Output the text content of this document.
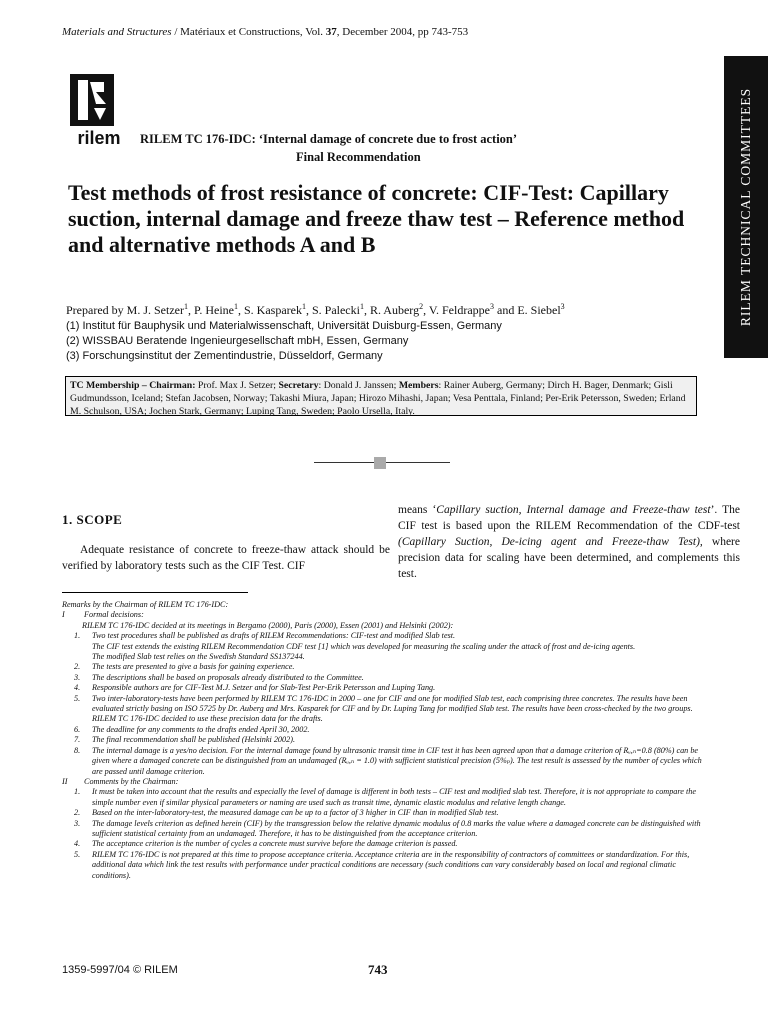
Materials and Structures / Matériaux et Constructions, Vol. 37, December 2004, pp 743-753
rilem RILEM TC 176-IDC: ‘Internal damage of concrete due to frost action’
Final Recommendation	RILEM TECHNICAL COMMITTEES
Test methods of frost resistance of concrete: CIF-Test: Capillary suction, internal damage and freeze thaw test – Reference method and alternative methods A and B
Prepared by M. J. Setzer$^1$, P. Heine$^1$, S. Kasparek$^1$, S. Palecki$^1$, R. Auberg$^2$, V. Feldrappe$^3$ and E. Siebel$^3$
(1) Institut für Bauphysik und Materialwissenschaft, Universität Duisburg-Essen, Germany
(2) WISSBAU Beratende Ingenieurgesellschaft mbH, Essen, Germany
(3) Forschungsinstitut der Zementindustrie, Düsseldorf, Germany
TC Membership – Chairman: Prof. Max J. Setzer; Secretary: Donald J. Janssen; Members: Rainer Auberg, Germany; Dirch H. Bager, Denmark; Gisli Gudmundsson, Iceland; Stefan Jacobsen, Norway; Takashi Miura, Japan; Hirozo Mihashi, Japan; Vesa Penttala, Finland; Per-Erik Petersson, Sweden; Erland M. Schulson, USA; Jochen Stark, Germany; Luping Tang, Sweden; Paolo Ursella, Italy.
1. SCOPE
Adequate resistance of concrete to freeze-thaw attack should be verified by laboratory tests such as the CIF Test. CIF
means ‘Capillary suction, Internal damage and Freeze-thaw test’. The CIF test is based upon the RILEM Recommendation of the CDF-test (Capillary Suction, De-icing agent and Freeze-thaw Test), where precision data for scaling have been determined, and complements this test.
Remarks by the Chairman of RILEM TC 176-IDC:
I Formal decisions:
RILEM TC 176-IDC decided at its meetings in Bergamo (2000), Paris (2000), Essen (2001) and Helsinki (2002):
1. Two test procedures shall be published as drafts of RILEM Recommendations: CIF-test and modified Slab test.
The CIF test extends the existing RILEM Recommendation CDF test [1] which was developed for measuring the scaling under the attack of frost and de-icing agents.
The modified Slab test relies on the Swedish Standard SS137244.
2. The tests are presented to give a basis for gaining experience.
3. The descriptions shall be based on proposals already distributed to the Committee.
4. Responsible authors are for CIF-Test M.J. Setzer and for Slab-Test Per-Erik Petersson and Luping Tang.
5. Two inter-laboratory-tests have been performed by RILEM TC 176-IDC in 2000 – one for CIF and one for modified Slab test, each comprising three concretes. The results have been evaluated strictly basing on ISO 5725 by Dr. Auberg and Mrs. Kasparek for CIF and by Dr. Luping Tang for modified Slab test. The results have been cross-checked by the two groups. RILEM TC 176-IDC decided to use these precision data for the drafts.
6. The deadline for any comments to the drafts ended April 30, 2002.
7. The final recommendation shall be published (Helsinki 2002).
8. The internal damage is a yes/no decision. For the internal damage found by ultrasonic transit time in CIF test it has been agreed upon that a damage criterion of Rᵤ,ₙ=0.8 (80%) can be given where a damaged concrete can be distinguished from an undamaged (Rᵤ,ₙ = 1.0) with sufficient statistical precision (5%ₚ). The test result is assessed by the number of cycles which are passed until damage criterion.
II Comments by the Chairman:
1. It must be taken into account that the results and especially the level of damage is different in both tests – CIF test and modified slab test. Therefore, it is not appropriate to compare the simple number even if similar physical parameters or naming are used such as transit time, dynamic elastic modulus and relative length change.
2. Based on the inter-laboratory-test, the measured damage can be up to a factor of 3 higher in CIF than in modified Slab test.
3. The damage levels criterion as defined herein (CIF) by the transgression below the relative dynamic modulus of 0.8 marks the value where a damaged concrete can be distinguished with sufficient statistical certainty from an undamaged. Therefore, it has to be distinguished from the acceptance criterion.
4. The acceptance criterion is the number of cycles a concrete must survive before the damage criterion is passed.
5. RILEM TC 176-IDC is not prepared at this time to propose acceptance criteria. Acceptance criteria are in the responsibility of contractors of committees or standardization. For this, additional data which link the test results with performance under practical conditions are necessary (such conditions can vary considerably based on local and regional climatic conditions).
1359-5997/04 © RILEM	743
